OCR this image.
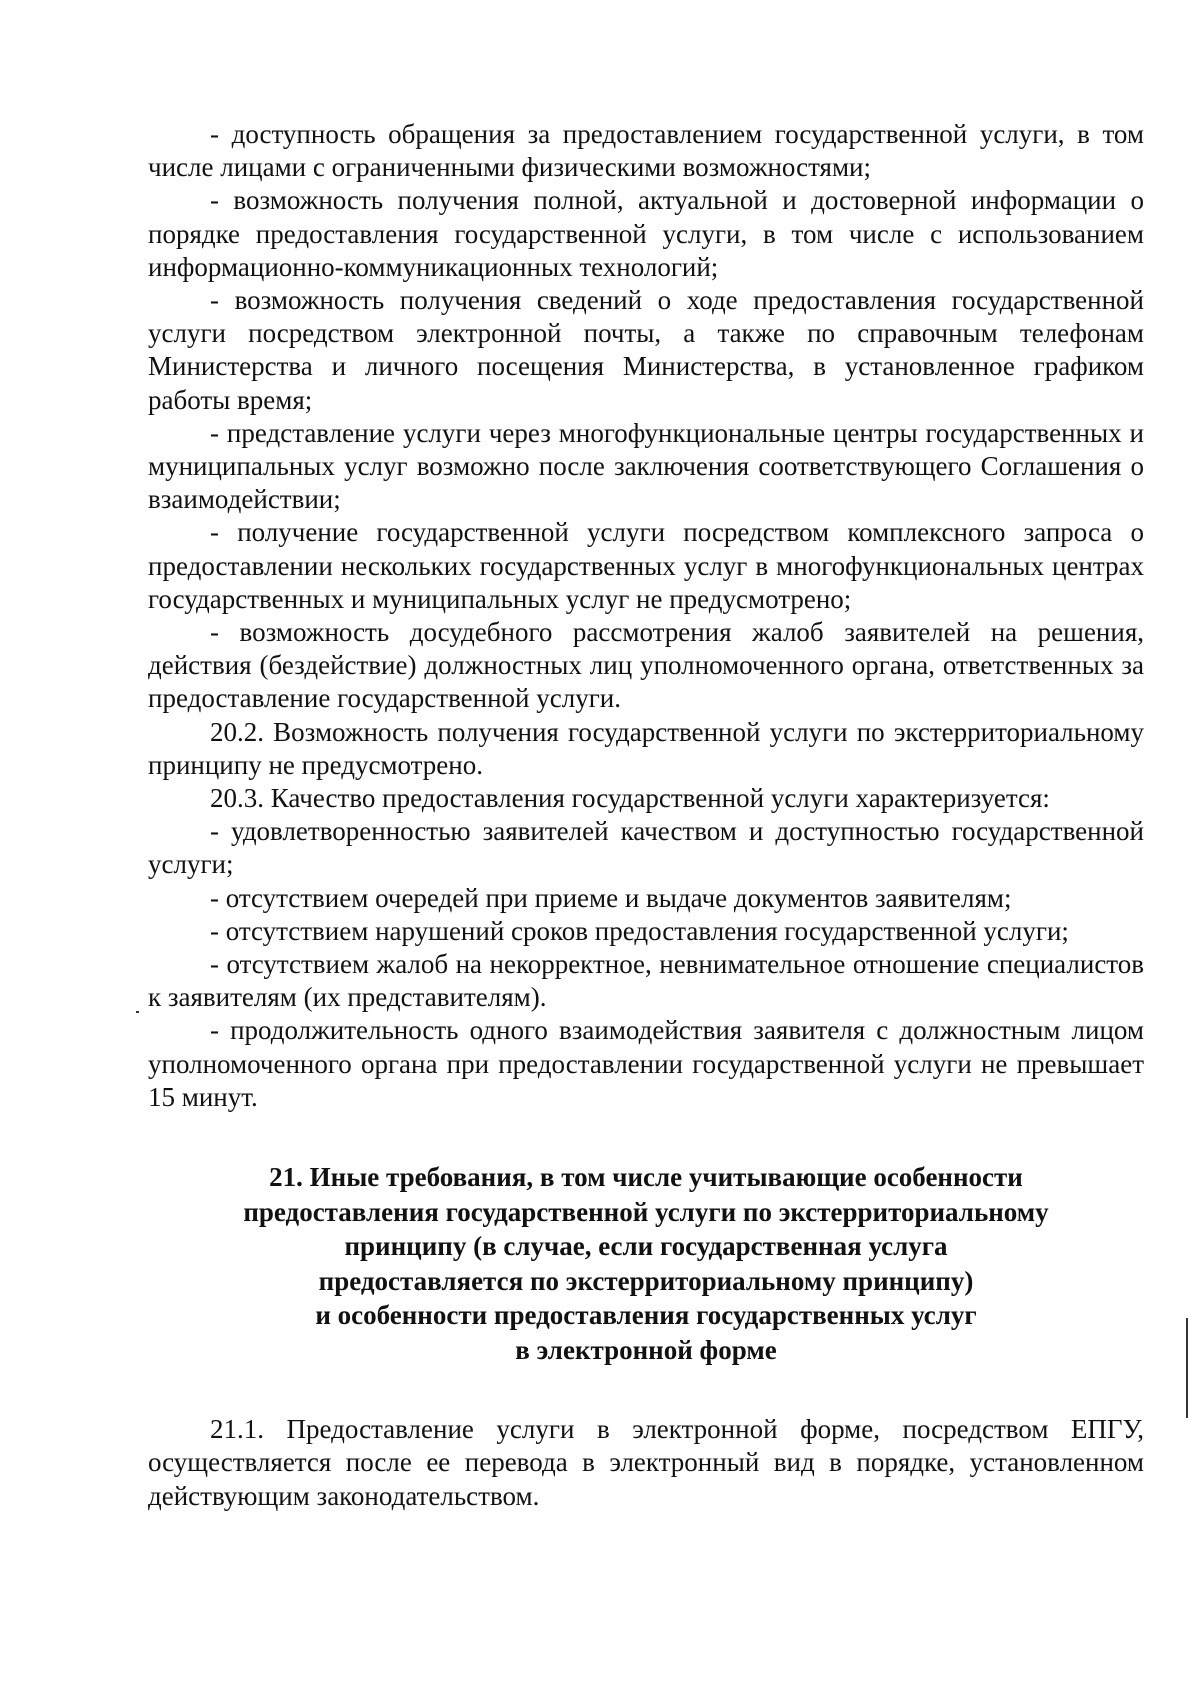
- доступность обращения за предоставлением государственной услуги, в том числе лицами с ограниченными физическими возможностями;

- возможность получения полной, актуальной и достоверной информации о порядке предоставления государственной услуги, в том числе с использованием информационно-коммуникационных технологий;

- возможность получения сведений о ходе предоставления государственной услуги посредством электронной почты, а также по справочным телефонам Министерства и личного посещения Министерства, в установленное графиком работы время;

- представление услуги через многофункциональные центры государственных и муниципальных услуг возможно после заключения соответствующего Соглашения о взаимодействии;

- получение государственной услуги посредством комплексного запроса о предоставлении нескольких государственных услуг в многофункциональных центрах государственных и муниципальных услуг не предусмотрено;

- возможность досудебного рассмотрения жалоб заявителей на решения, действия (бездействие) должностных лиц уполномоченного органа, ответственных за предоставление государственной услуги.

20.2. Возможность получения государственной услуги по экстерриториальному принципу не предусмотрено.

20.3. Качество предоставления государственной услуги характеризуется:

- удовлетворенностью заявителей качеством и доступностью государственной услуги;

- отсутствием очередей при приеме и выдаче документов заявителям;

- отсутствием нарушений сроков предоставления государственной услуги;

- отсутствием жалоб на некорректное, невнимательное отношение специалистов к заявителям (их представителям).

- продолжительность одного взаимодействия заявителя с должностным лицом уполномоченного органа при предоставлении государственной услуги не превышает 15 минут.

21. Иные требования, в том числе учитывающие особенности
предоставления государственной услуги по экстерриториальному
принципу (в случае, если государственная услуга
предоставляется по экстерриториальному принципу)
и особенности предоставления государственных услуг
в электронной форме

21.1. Предоставление услуги в электронной форме, посредством ЕПГУ, осуществляется после ее перевода в электронный вид в порядке, установленном действующим законодательством.
